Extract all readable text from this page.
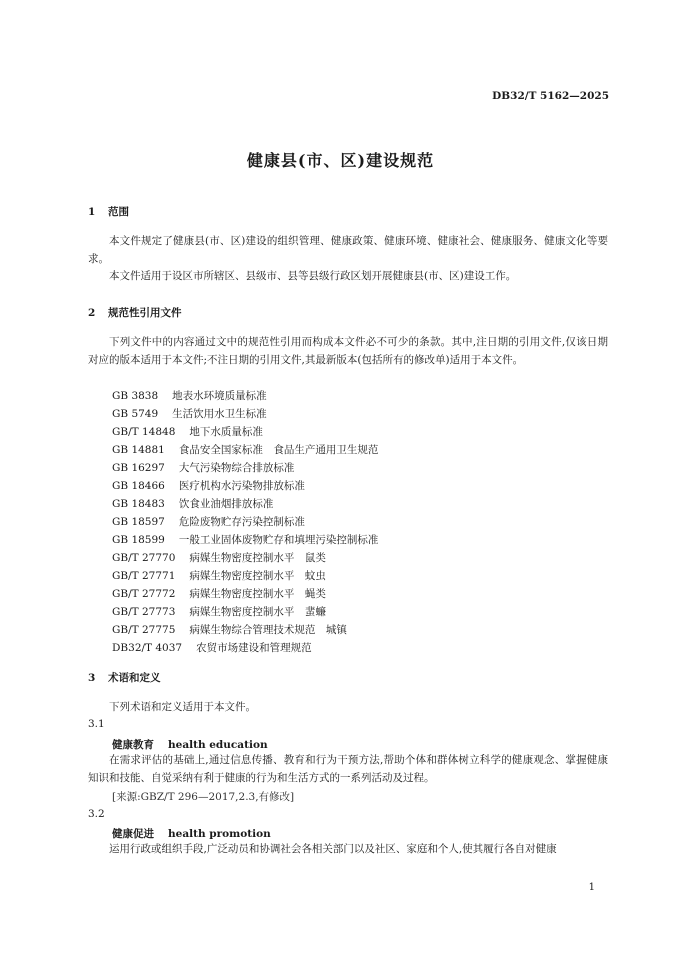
DB32/T 5162—2025
健康县(市、区)建设规范
1 范围
本文件规定了健康县(市、区)建设的组织管理、健康政策、健康环境、健康社会、健康服务、健康文化等要求。
本文件适用于设区市所辖区、县级市、县等县级行政区划开展健康县(市、区)建设工作。
2 规范性引用文件
下列文件中的内容通过文中的规范性引用而构成本文件必不可少的条款。其中,注日期的引用文件,仅该日期对应的版本适用于本文件;不注日期的引用文件,其最新版本(包括所有的修改单)适用于本文件。
GB 3838 地表水环境质量标准
GB 5749 生活饮用水卫生标准
GB/T 14848 地下水质量标准
GB 14881 食品安全国家标准　食品生产通用卫生规范
GB 16297 大气污染物综合排放标准
GB 18466 医疗机构水污染物排放标准
GB 18483 饮食业油烟排放标准
GB 18597 危险废物贮存污染控制标准
GB 18599 一般工业固体废物贮存和填埋污染控制标准
GB/T 27770 病媒生物密度控制水平　鼠类
GB/T 27771 病媒生物密度控制水平　蚊虫
GB/T 27772 病媒生物密度控制水平　蝇类
GB/T 27773 病媒生物密度控制水平　蜚蠊
GB/T 27775 病媒生物综合管理技术规范　城镇
DB32/T 4037 农贸市场建设和管理规范
3 术语和定义
下列术语和定义适用于本文件。
3.1
健康教育 health education
在需求评估的基础上,通过信息传播、教育和行为干预方法,帮助个体和群体树立科学的健康观念、掌握健康知识和技能、自觉采纳有利于健康的行为和生活方式的一系列活动及过程。
[来源:GBZ/T 296—2017,2.3,有修改]
3.2
健康促进 health promotion
运用行政或组织手段,广泛动员和协调社会各相关部门以及社区、家庭和个人,使其履行各自对健康
1
